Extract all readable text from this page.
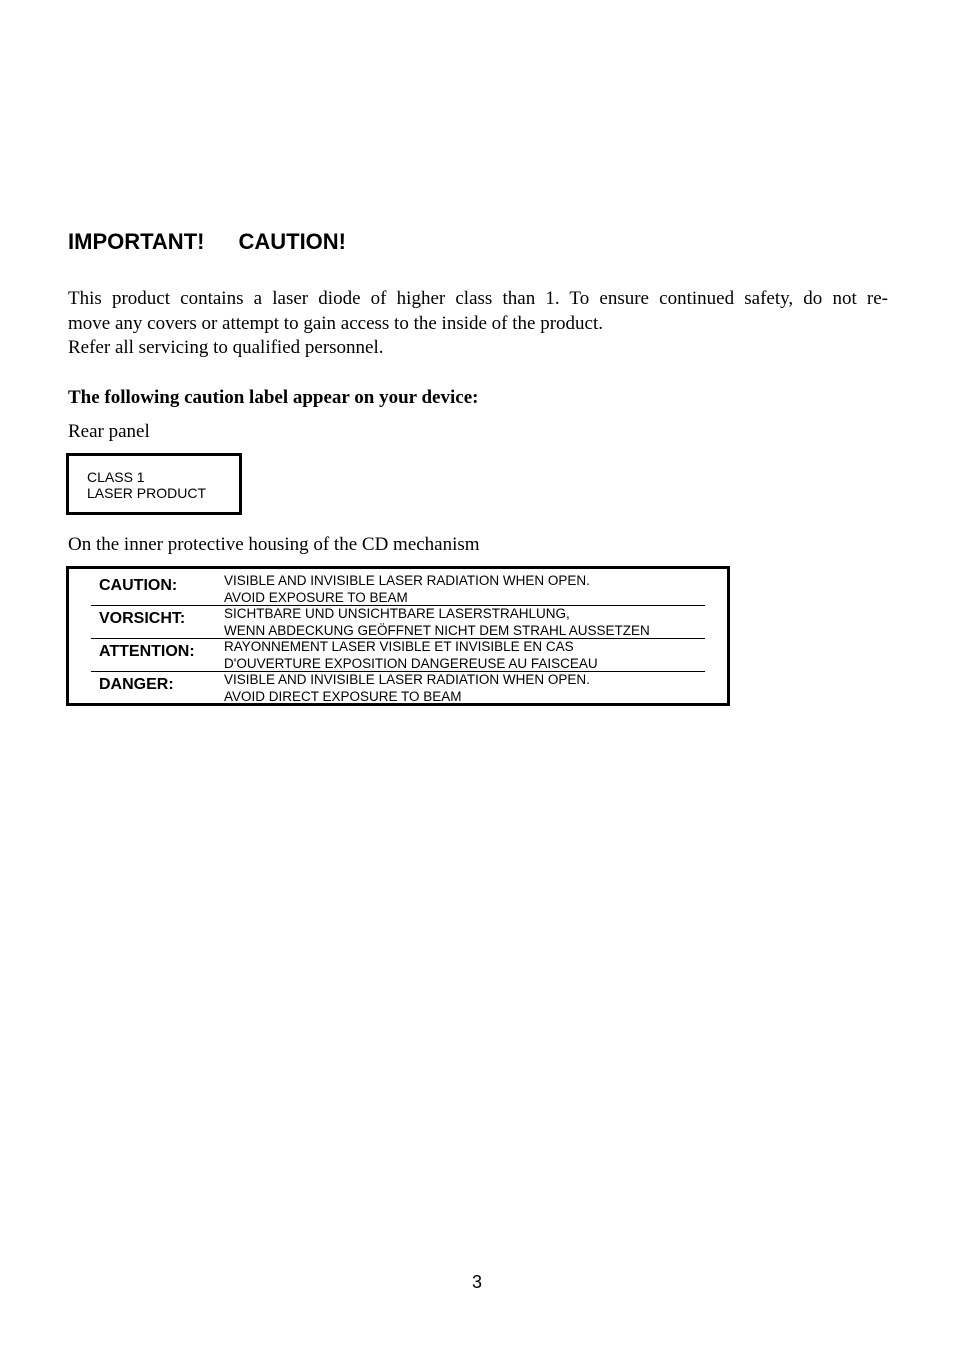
IMPORTANT! CAUTION!

This product contains a laser diode of higher class than 1. To ensure continued safety, do not re-
move any covers or attempt to gain access to the inside of the product.
Refer all servicing to qualified personnel.

The following caution label appear on your device:

Rear panel

CLASS 1
LASER PRODUCT

On the inner protective housing of the CD mechanism

CAUTION:	VISIBLE AND INVISIBLE LASER RADIATION WHEN OPEN.
AVOID EXPOSURE TO BEAM
VORSICHT:	SICHTBARE UND UNSICHTBARE LASERSTRAHLUNG,
WENN ABDECKUNG GEÖFFNET NICHT DEM STRAHL AUSSETZEN
ATTENTION: RAYONNEMENT LASER VISIBLE ET INVISIBLE EN CAS
D'OUVERTURE EXPOSITION DANGEREUSE AU FAISCEAU
DANGER:	VISIBLE AND INVISIBLE LASER RADIATION WHEN OPEN.
AVOID DIRECT EXPOSURE TO BEAM

3
